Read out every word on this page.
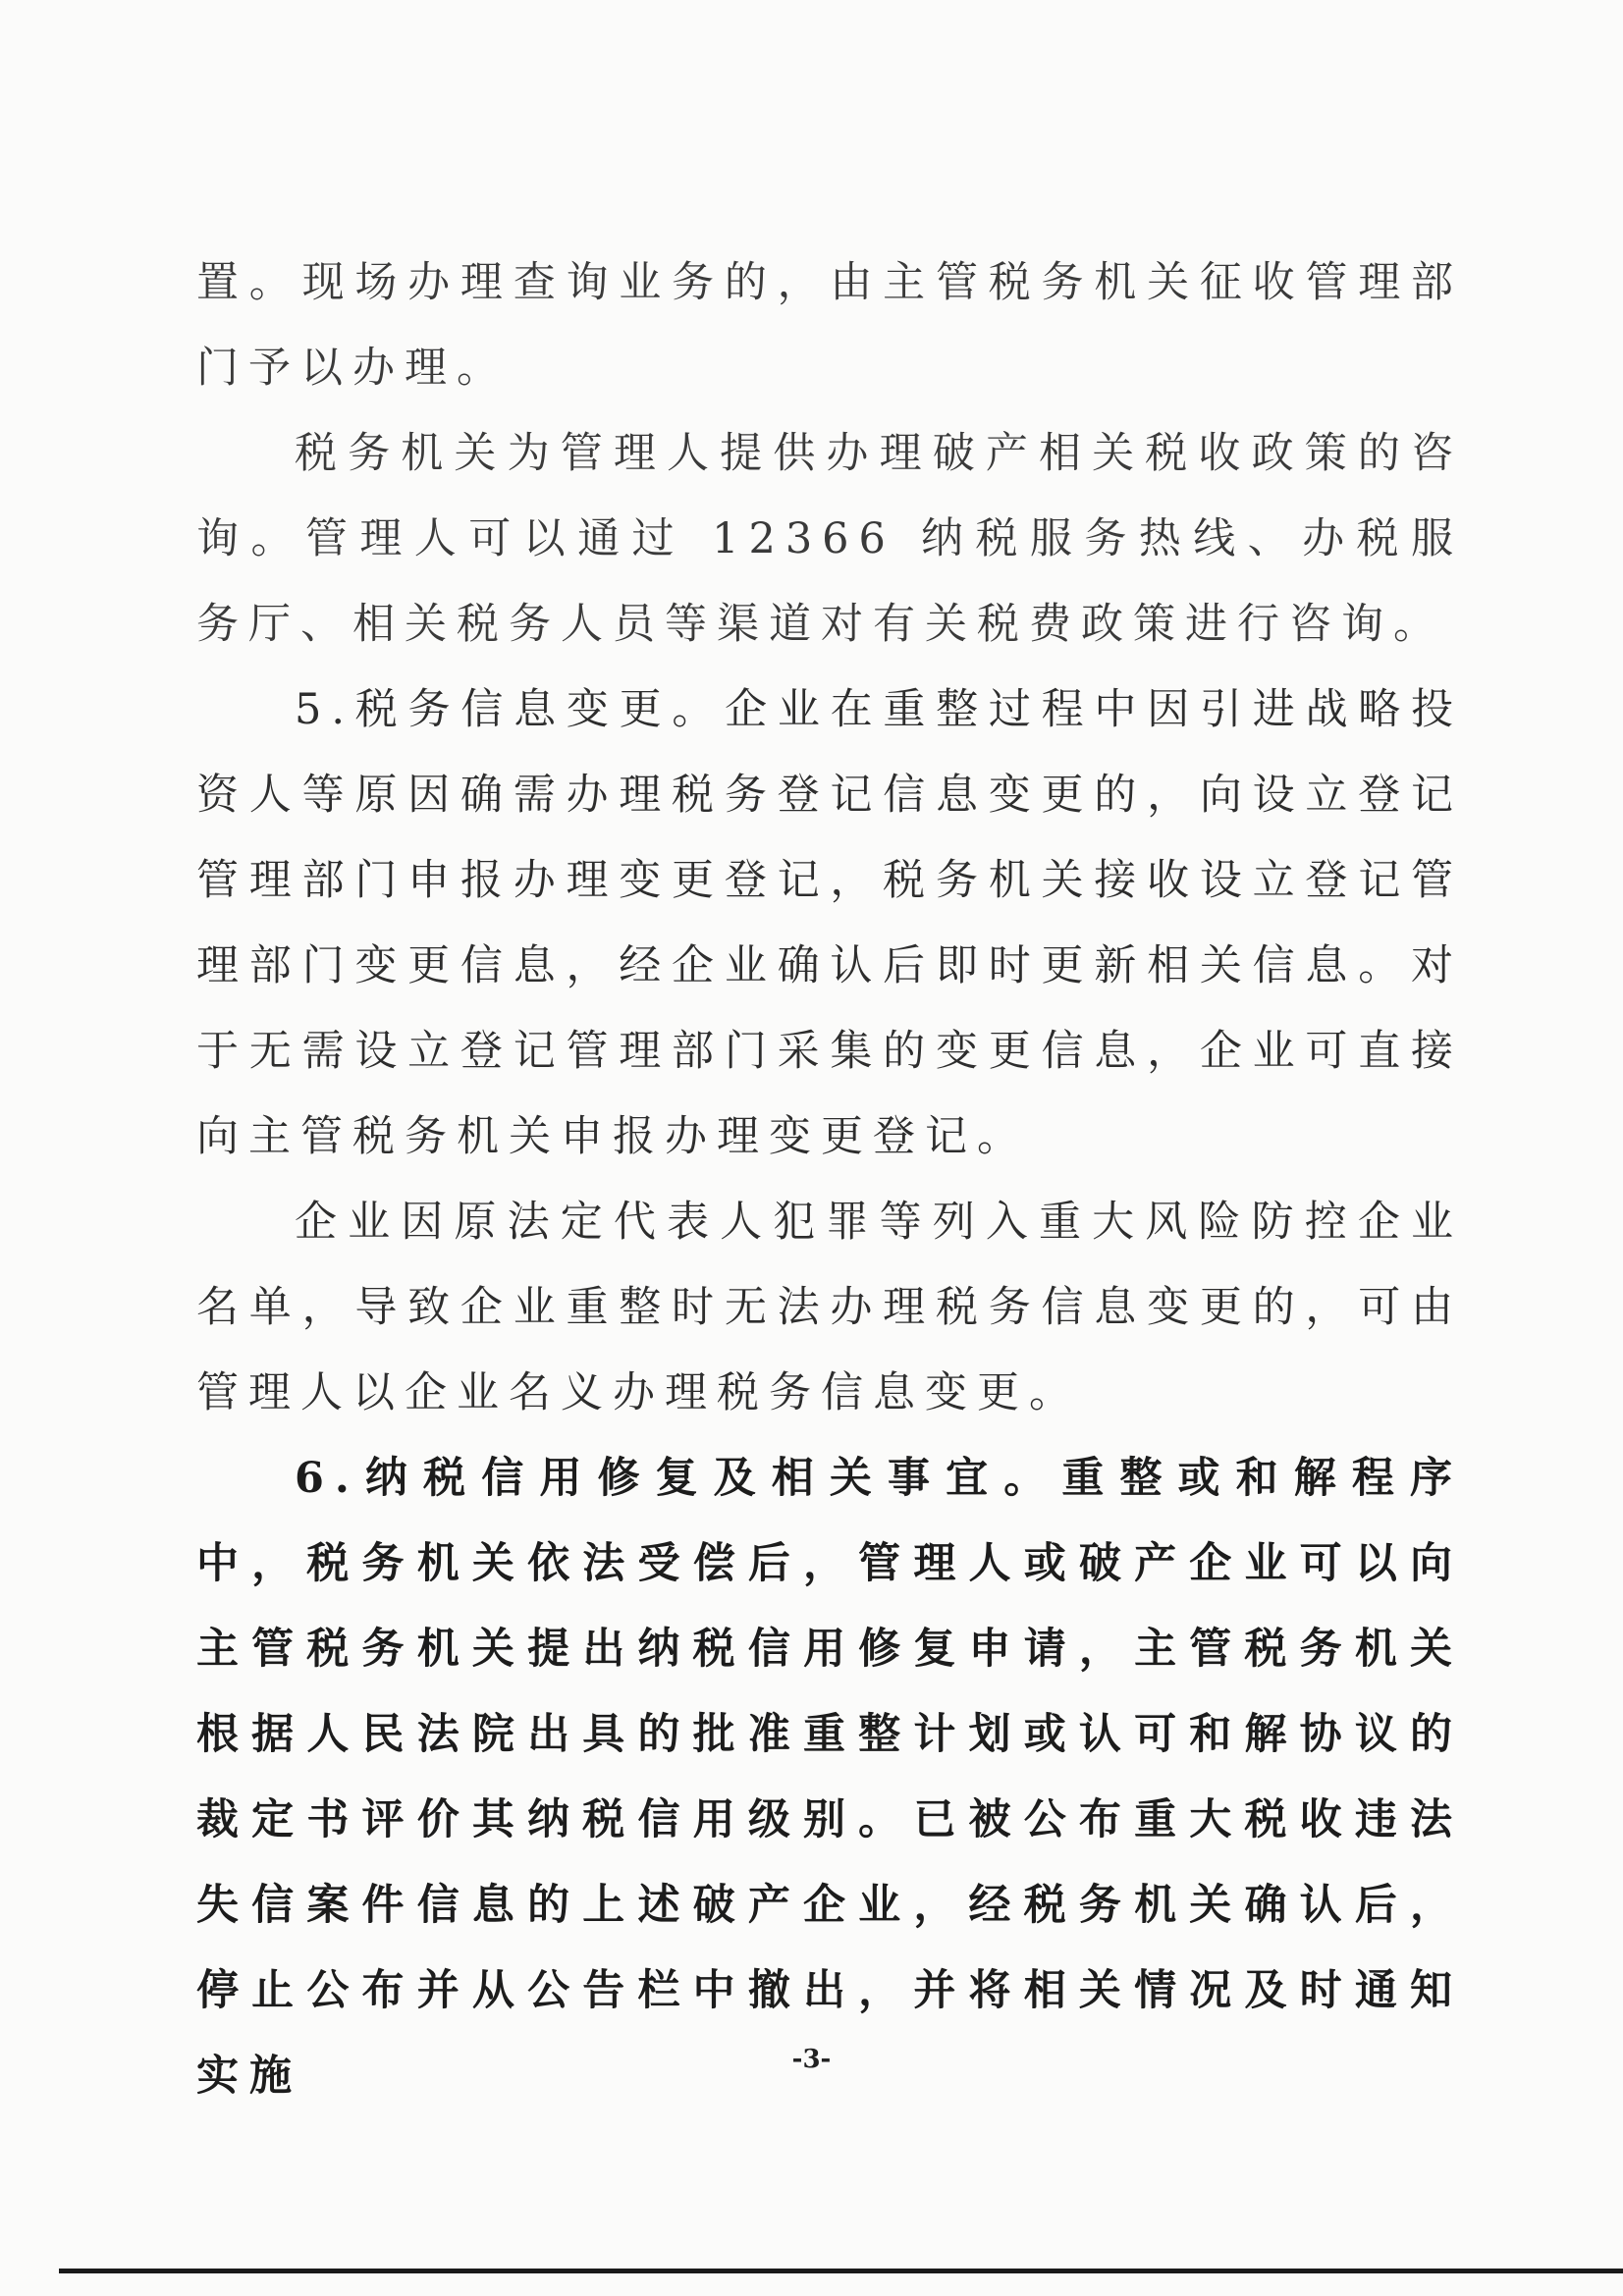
置。现场办理查询业务的，由主管税务机关征收管理部门予以办理。

税务机关为管理人提供办理破产相关税收政策的咨询。管理人可以通过 12366 纳税服务热线、办税服务厅、相关税务人员等渠道对有关税费政策进行咨询。

5.税务信息变更。企业在重整过程中因引进战略投资人等原因确需办理税务登记信息变更的，向设立登记管理部门申报办理变更登记，税务机关接收设立登记管理部门变更信息，经企业确认后即时更新相关信息。对于无需设立登记管理部门采集的变更信息，企业可直接向主管税务机关申报办理变更登记。

企业因原法定代表人犯罪等列入重大风险防控企业名单，导致企业重整时无法办理税务信息变更的，可由管理人以企业名义办理税务信息变更。

6.纳税信用修复及相关事宜。重整或和解程序中，税务机关依法受偿后，管理人或破产企业可以向主管税务机关提出纳税信用修复申请，主管税务机关根据人民法院出具的批准重整计划或认可和解协议的裁定书评价其纳税信用级别。已被公布重大税收违法失信案件信息的上述破产企业，经税务机关确认后，停止公布并从公告栏中撤出，并将相关情况及时通知实施	-3-
